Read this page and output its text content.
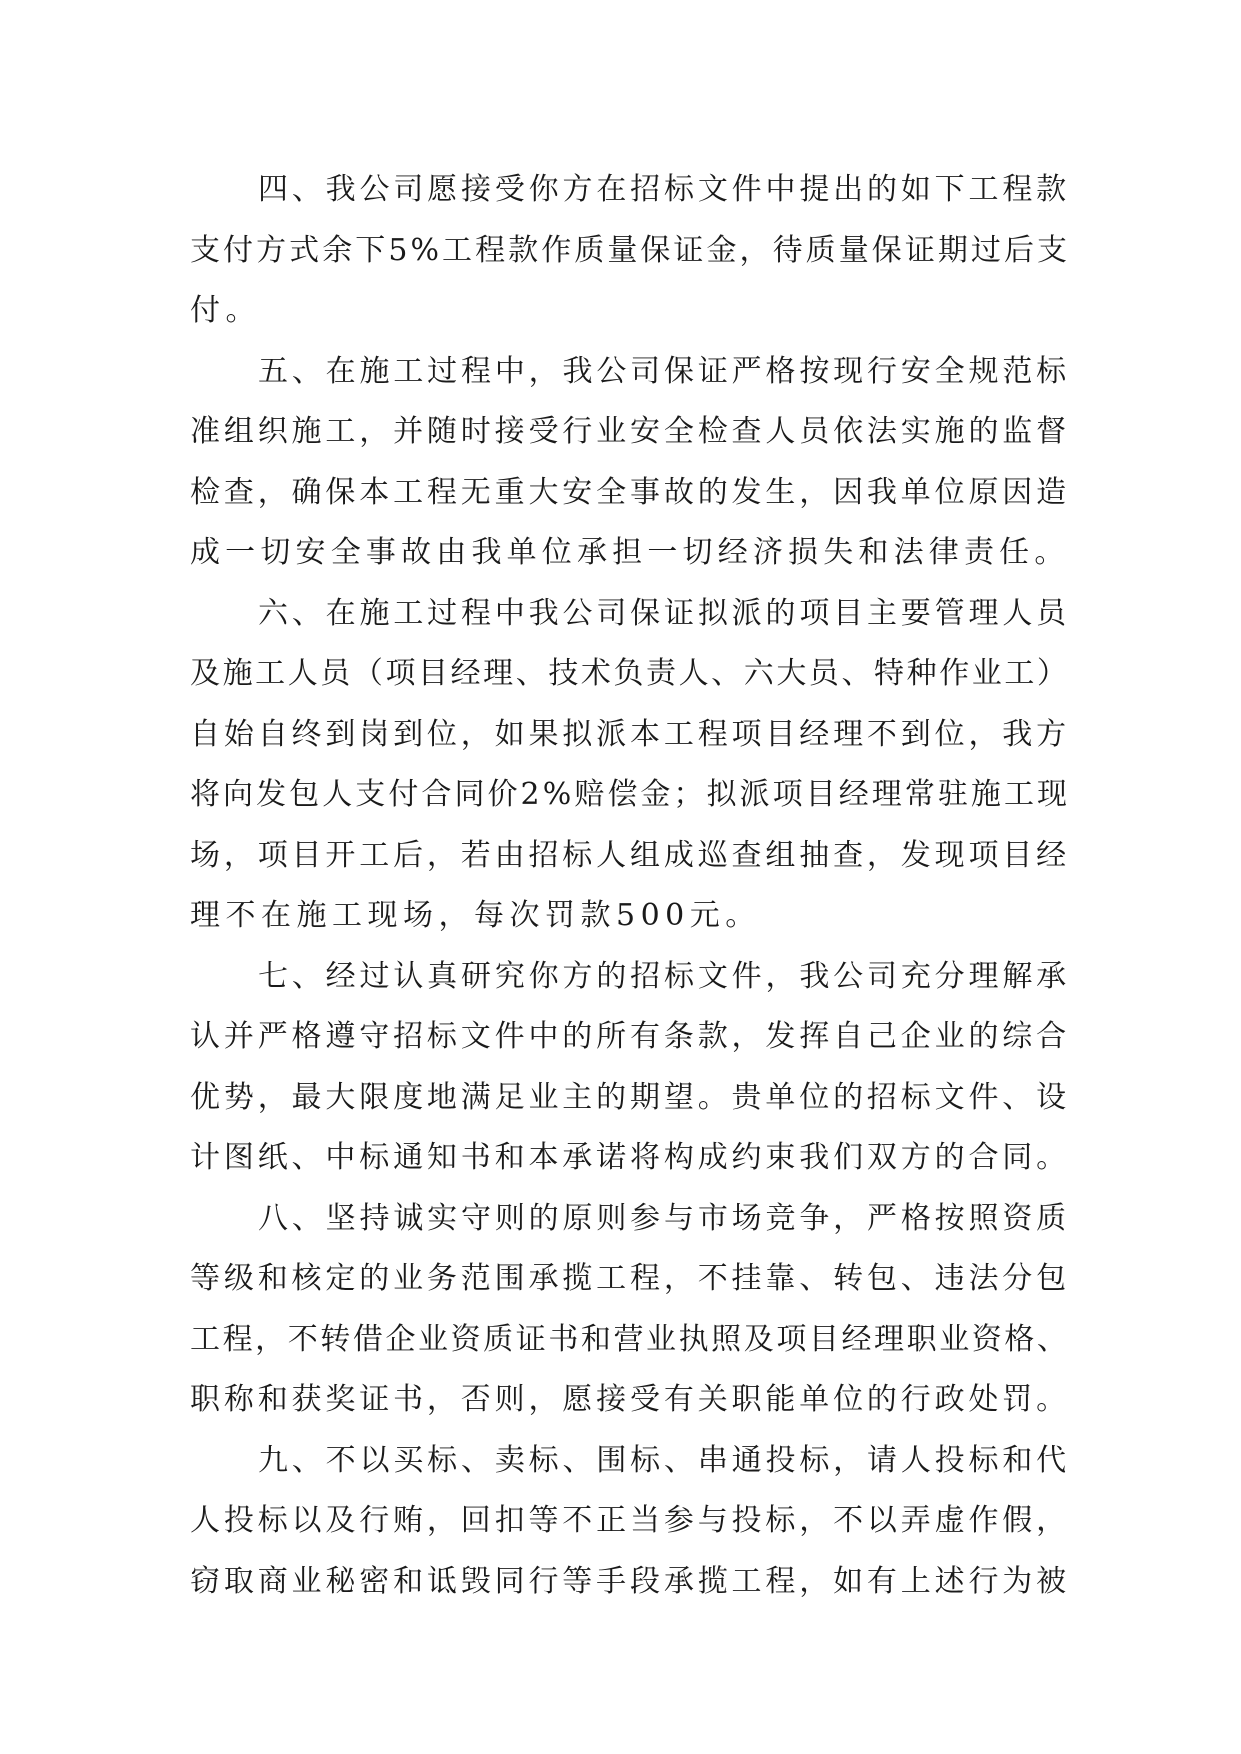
四、我公司愿接受你方在招标文件中提出的如下工程款
支付方式余下5%工程款作质量保证金，待质量保证期过后支
付。
五、在施工过程中，我公司保证严格按现行安全规范标
准组织施工，并随时接受行业安全检查人员依法实施的监督
检查，确保本工程无重大安全事故的发生，因我单位原因造
成一切安全事故由我单位承担一切经济损失和法律责任。
六、在施工过程中我公司保证拟派的项目主要管理人员
及施工人员（项目经理、技术负责人、六大员、特种作业工）
自始自终到岗到位，如果拟派本工程项目经理不到位，我方
将向发包人支付合同价2%赔偿金；拟派项目经理常驻施工现
场，项目开工后，若由招标人组成巡查组抽查，发现项目经
理不在施工现场，每次罚款500元。
七、经过认真研究你方的招标文件，我公司充分理解承
认并严格遵守招标文件中的所有条款，发挥自己企业的综合
优势，最大限度地满足业主的期望。贵单位的招标文件、设
计图纸、中标通知书和本承诺将构成约束我们双方的合同。
八、坚持诚实守则的原则参与市场竞争，严格按照资质
等级和核定的业务范围承揽工程，不挂靠、转包、违法分包
工程，不转借企业资质证书和营业执照及项目经理职业资格、
职称和获奖证书，否则，愿接受有关职能单位的行政处罚。
九、不以买标、卖标、围标、串通投标，请人投标和代
人投标以及行贿，回扣等不正当参与投标，不以弄虚作假，
窃取商业秘密和诋毁同行等手段承揽工程，如有上述行为被
